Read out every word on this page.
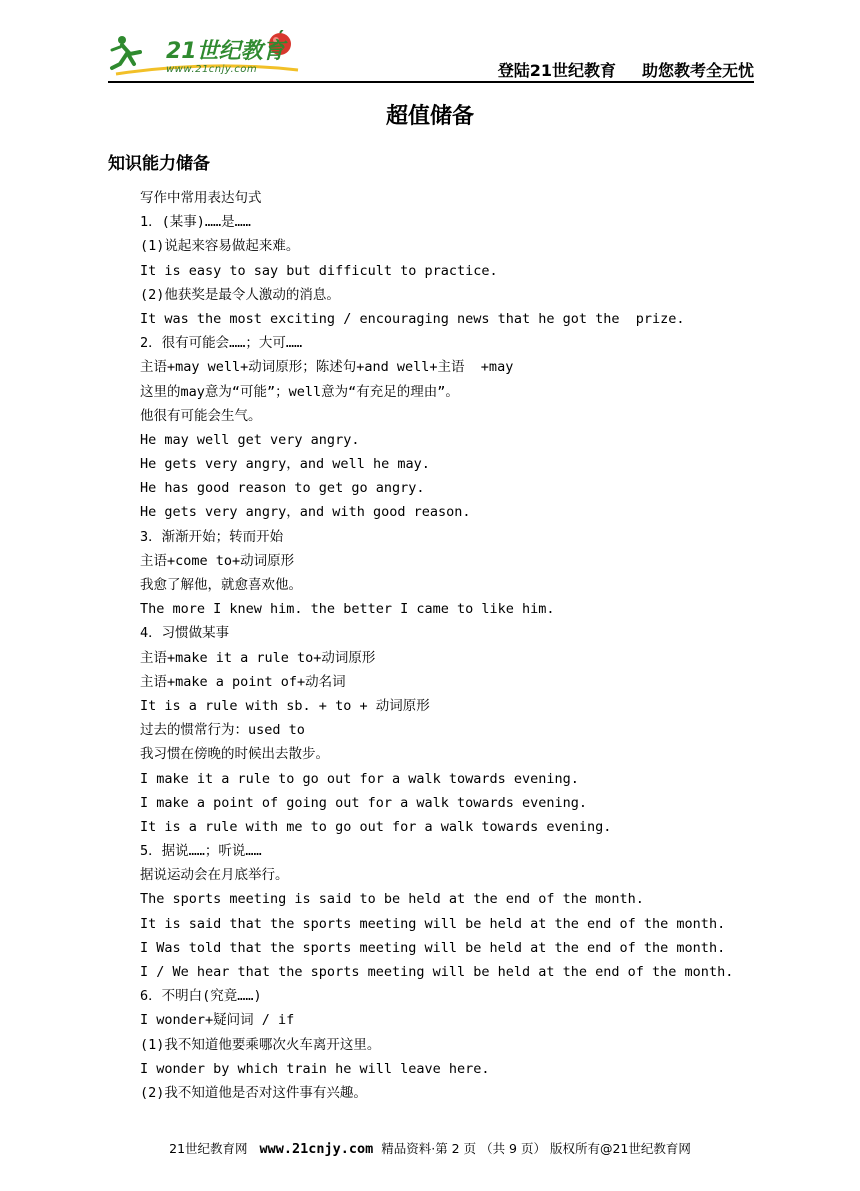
21世纪教育
www.21cnjy.com	登陆21世纪教育 助您教考全无忧
超值储备
知识能力储备
写作中常用表达句式
1．(某事)……是……
(1)说起来容易做起来难。
It is easy to say but difficult to practice.
(2)他获奖是最令人激动的消息。
It was the most exciting / encouraging news that he got the  prize.
2．很有可能会……；大可……
主语+may well+动词原形；陈述句+and well+主语  +may
这里的may意为“可能”；well意为“有充足的理由”。
他很有可能会生气。
He may well get very angry.
He gets very angry，and well he may.
He has good reason to get go angry.
He gets very angry，and with good reason.
3．渐渐开始；转而开始
主语+come to+动词原形
我愈了解他，就愈喜欢他。
The more I knew him. the better I came to like him.
4．习惯做某事
主语+make it a rule to+动词原形
主语+make a point of+动名词
It is a rule with sb. + to + 动词原形
过去的惯常行为：used to
我习惯在傍晚的时候出去散步。
I make it a rule to go out for a walk towards evening.
I make a point of going out for a walk towards evening.
It is a rule with me to go out for a walk towards evening.
5．据说……；听说……
据说运动会在月底举行。
The sports meeting is said to be held at the end of the month.
It is said that the sports meeting will be held at the end of the month.
I Was told that the sports meeting will be held at the end of the month.
I / We hear that the sports meeting will be held at the end of the month.
6．不明白(究竟……)
I wonder+疑问词 / if
(1)我不知道他要乘哪次火车离开这里。
I wonder by which train he will leave here.
(2)我不知道他是否对这件事有兴趣。
21世纪教育网 www.21cnjy.com 精品资料·第 2 页 （共 9 页） 版权所有@21世纪教育网
